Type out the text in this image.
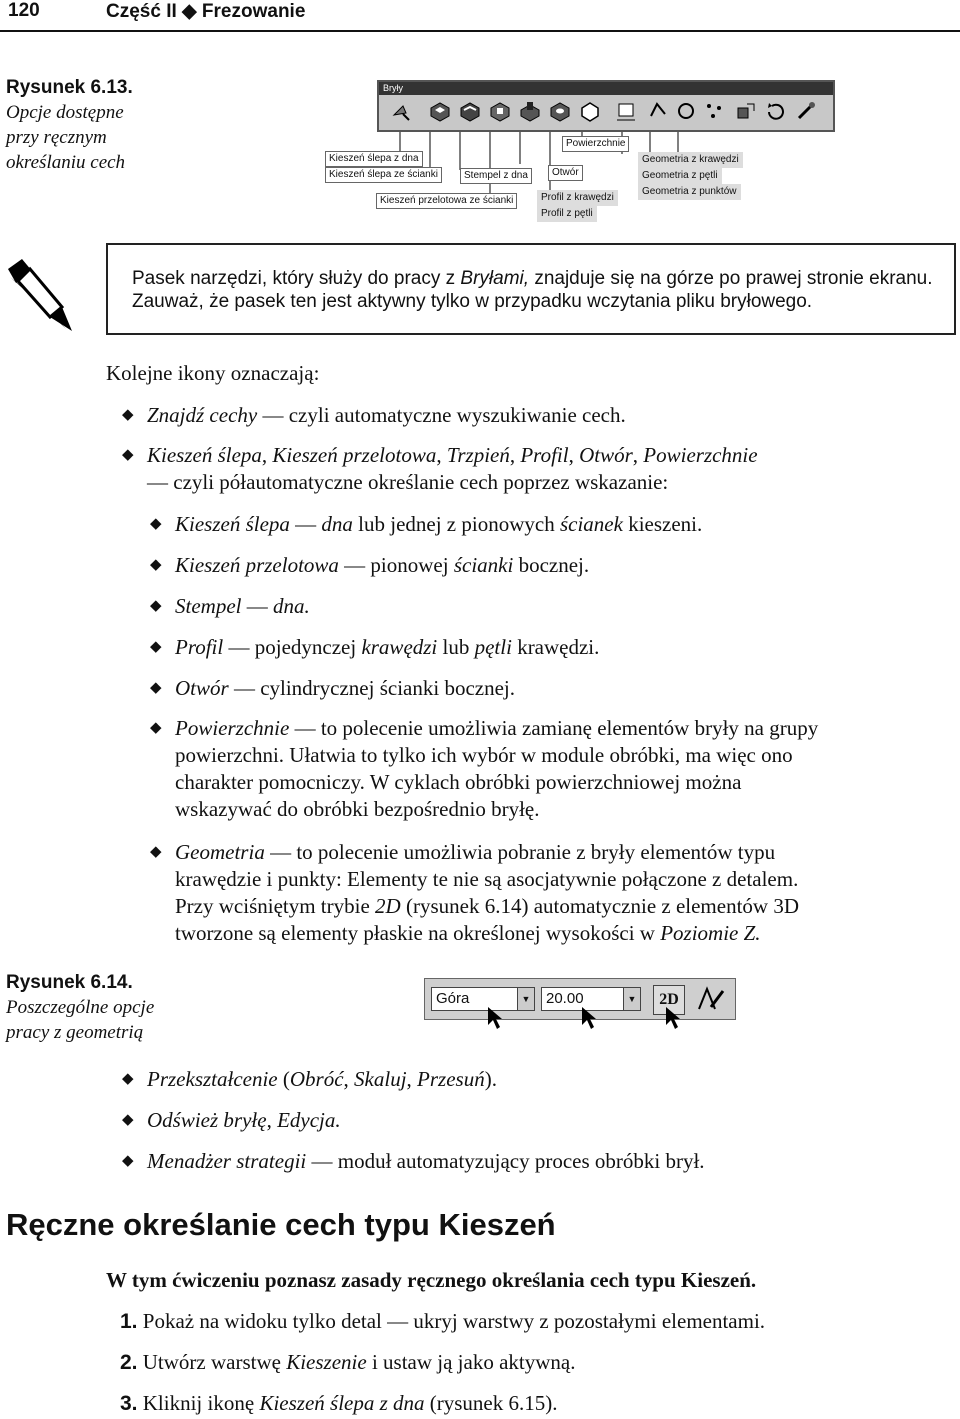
120	Część II ◆ Frezowanie
Rysunek 6.13.
Opcje dostępne
przy ręcznym
określaniu cech
Bryły
Kieszeń ślepa z dna
Kieszeń ślepa ze ścianki
Kieszeń przelotowa ze ścianki
Stempel z dna	Otwór
Powierzchnie
Profil z krawędzi
Profil z pętli
Geometria z krawędzi
Geometria z pętli
Geometria z punktów

Pasek narzędzi, który służy do pracy z Bryłami, znajduje się na górze po prawej stronie ekranu. Zauważ, że pasek ten jest aktywny tylko w przypadku wczytania pliku bryłowego.

Kolejne ikony oznaczają:
◆ Znajdź cechy — czyli automatyczne wyszukiwanie cech.
◆ Kieszeń ślepa, Kieszeń przelotowa, Trzpień, Profil, Otwór, Powierzchnie
— czyli półautomatyczne określanie cech poprzez wskazanie:
◆ Kieszeń ślepa — dna lub jednej z pionowych ścianek kieszeni.
◆ Kieszeń przelotowa — pionowej ścianki bocznej.
◆ Stempel — dna.
◆ Profil — pojedynczej krawędzi lub pętli krawędzi.
◆ Otwór — cylindrycznej ścianki bocznej.
◆ Powierzchnie — to polecenie umożliwia zamianę elementów bryły na grupy
powierzchni. Ułatwia to tylko ich wybór w module obróbki, ma więc ono
charakter pomocniczy. W cyklach obróbki powierzchniowej można
wskazywać do obróbki bezpośrednio bryłę.
◆ Geometria — to polecenie umożliwia pobranie z bryły elementów typu
krawędzie i punkty: Elementy te nie są asocjatywnie połączone z detalem.
Przy wciśniętym trybie 2D (rysunek 6.14) automatycznie z elementów 3D
tworzone są elementy płaskie na określonej wysokości w Poziomie Z.
Rysunek 6.14.
Poszczególne opcje
pracy z geometrią
Góra	▼	20.00	▼	2D
◆ Przekształcenie (Obróć, Skaluj, Przesuń).
◆ Odśwież bryłę, Edycja.
◆ Menadżer strategii — moduł automatyzujący proces obróbki brył.
Ręczne określanie cech typu Kieszeń
W tym ćwiczeniu poznasz zasady ręcznego określania cech typu Kieszeń.
1. Pokaż na widoku tylko detal — ukryj warstwy z pozostałymi elementami.
2. Utwórz warstwę Kieszenie i ustaw ją jako aktywną.
3. Kliknij ikonę Kieszeń ślepa z dna (rysunek 6.15).
